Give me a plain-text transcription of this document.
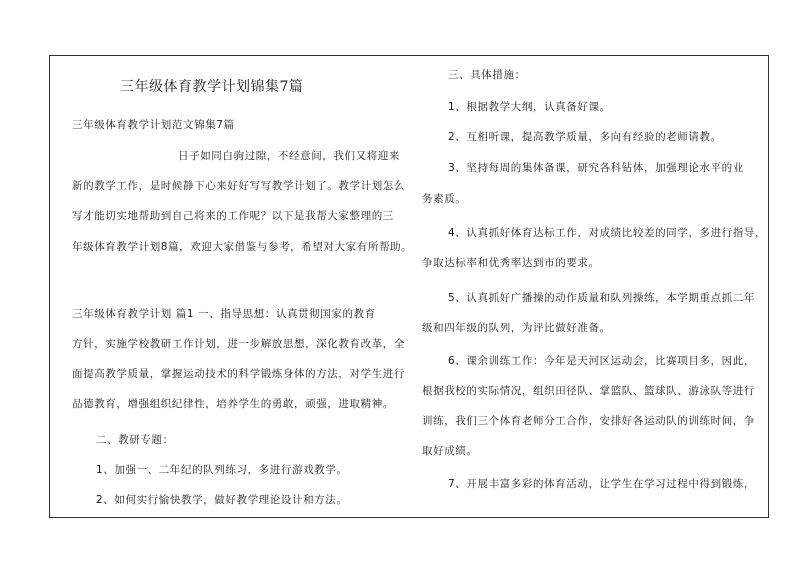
三年级体育教学计划锦集7篇
三年级体育教学计划范文锦集7篇
日子如同白驹过隙，不经意间，我们又将迎来
新的教学工作，是时候静下心来好好写写教学计划了。教学计划怎么
写才能切实地帮助到自己将来的工作呢？以下是我帮大家整理的三
年级体育教学计划8篇，欢迎大家借鉴与参考，希望对大家有所帮助。
三年级体育教学计划 篇1 一、指导思想：认真贯彻国家的教育
方针，实施学校教研工作计划，进一步解放思想，深化教育改革，全
面提高教学质量，掌握运动技术的科学锻炼身体的方法，对学生进行
品德教育，增强组织纪律性，培养学生的勇敢，顽强，进取精神。
二、教研专题：
1、加强一、二年纪的队列练习，多进行游戏教学。
2、如何实行愉快教学，做好教学理论设计和方法。
三、具体措施：
1、根据教学大纲，认真备好课。
2、互相听课，提高教学质量，多向有经验的老师请教。
3、坚持每周的集体备课，研究各科钻体，加强理论水平的业
务素质。
4、认真抓好体育达标工作，对成绩比较差的同学，多进行指导，
争取达标率和优秀率达到市的要求。
5、认真抓好广播操的动作质量和队列操练，本学期重点抓二年
级和四年级的队列，为评比做好准备。
6、课余训练工作：今年是天河区运动会，比赛项目多，因此，
根据我校的实际情况，组织田径队、掌篮队、篮球队、游泳队等进行
训练，我们三个体育老师分工合作，安排好各运动队的训练时间，争
取好成绩。
7、开展丰富多彩的体育活动，让学生在学习过程中得到锻炼，
